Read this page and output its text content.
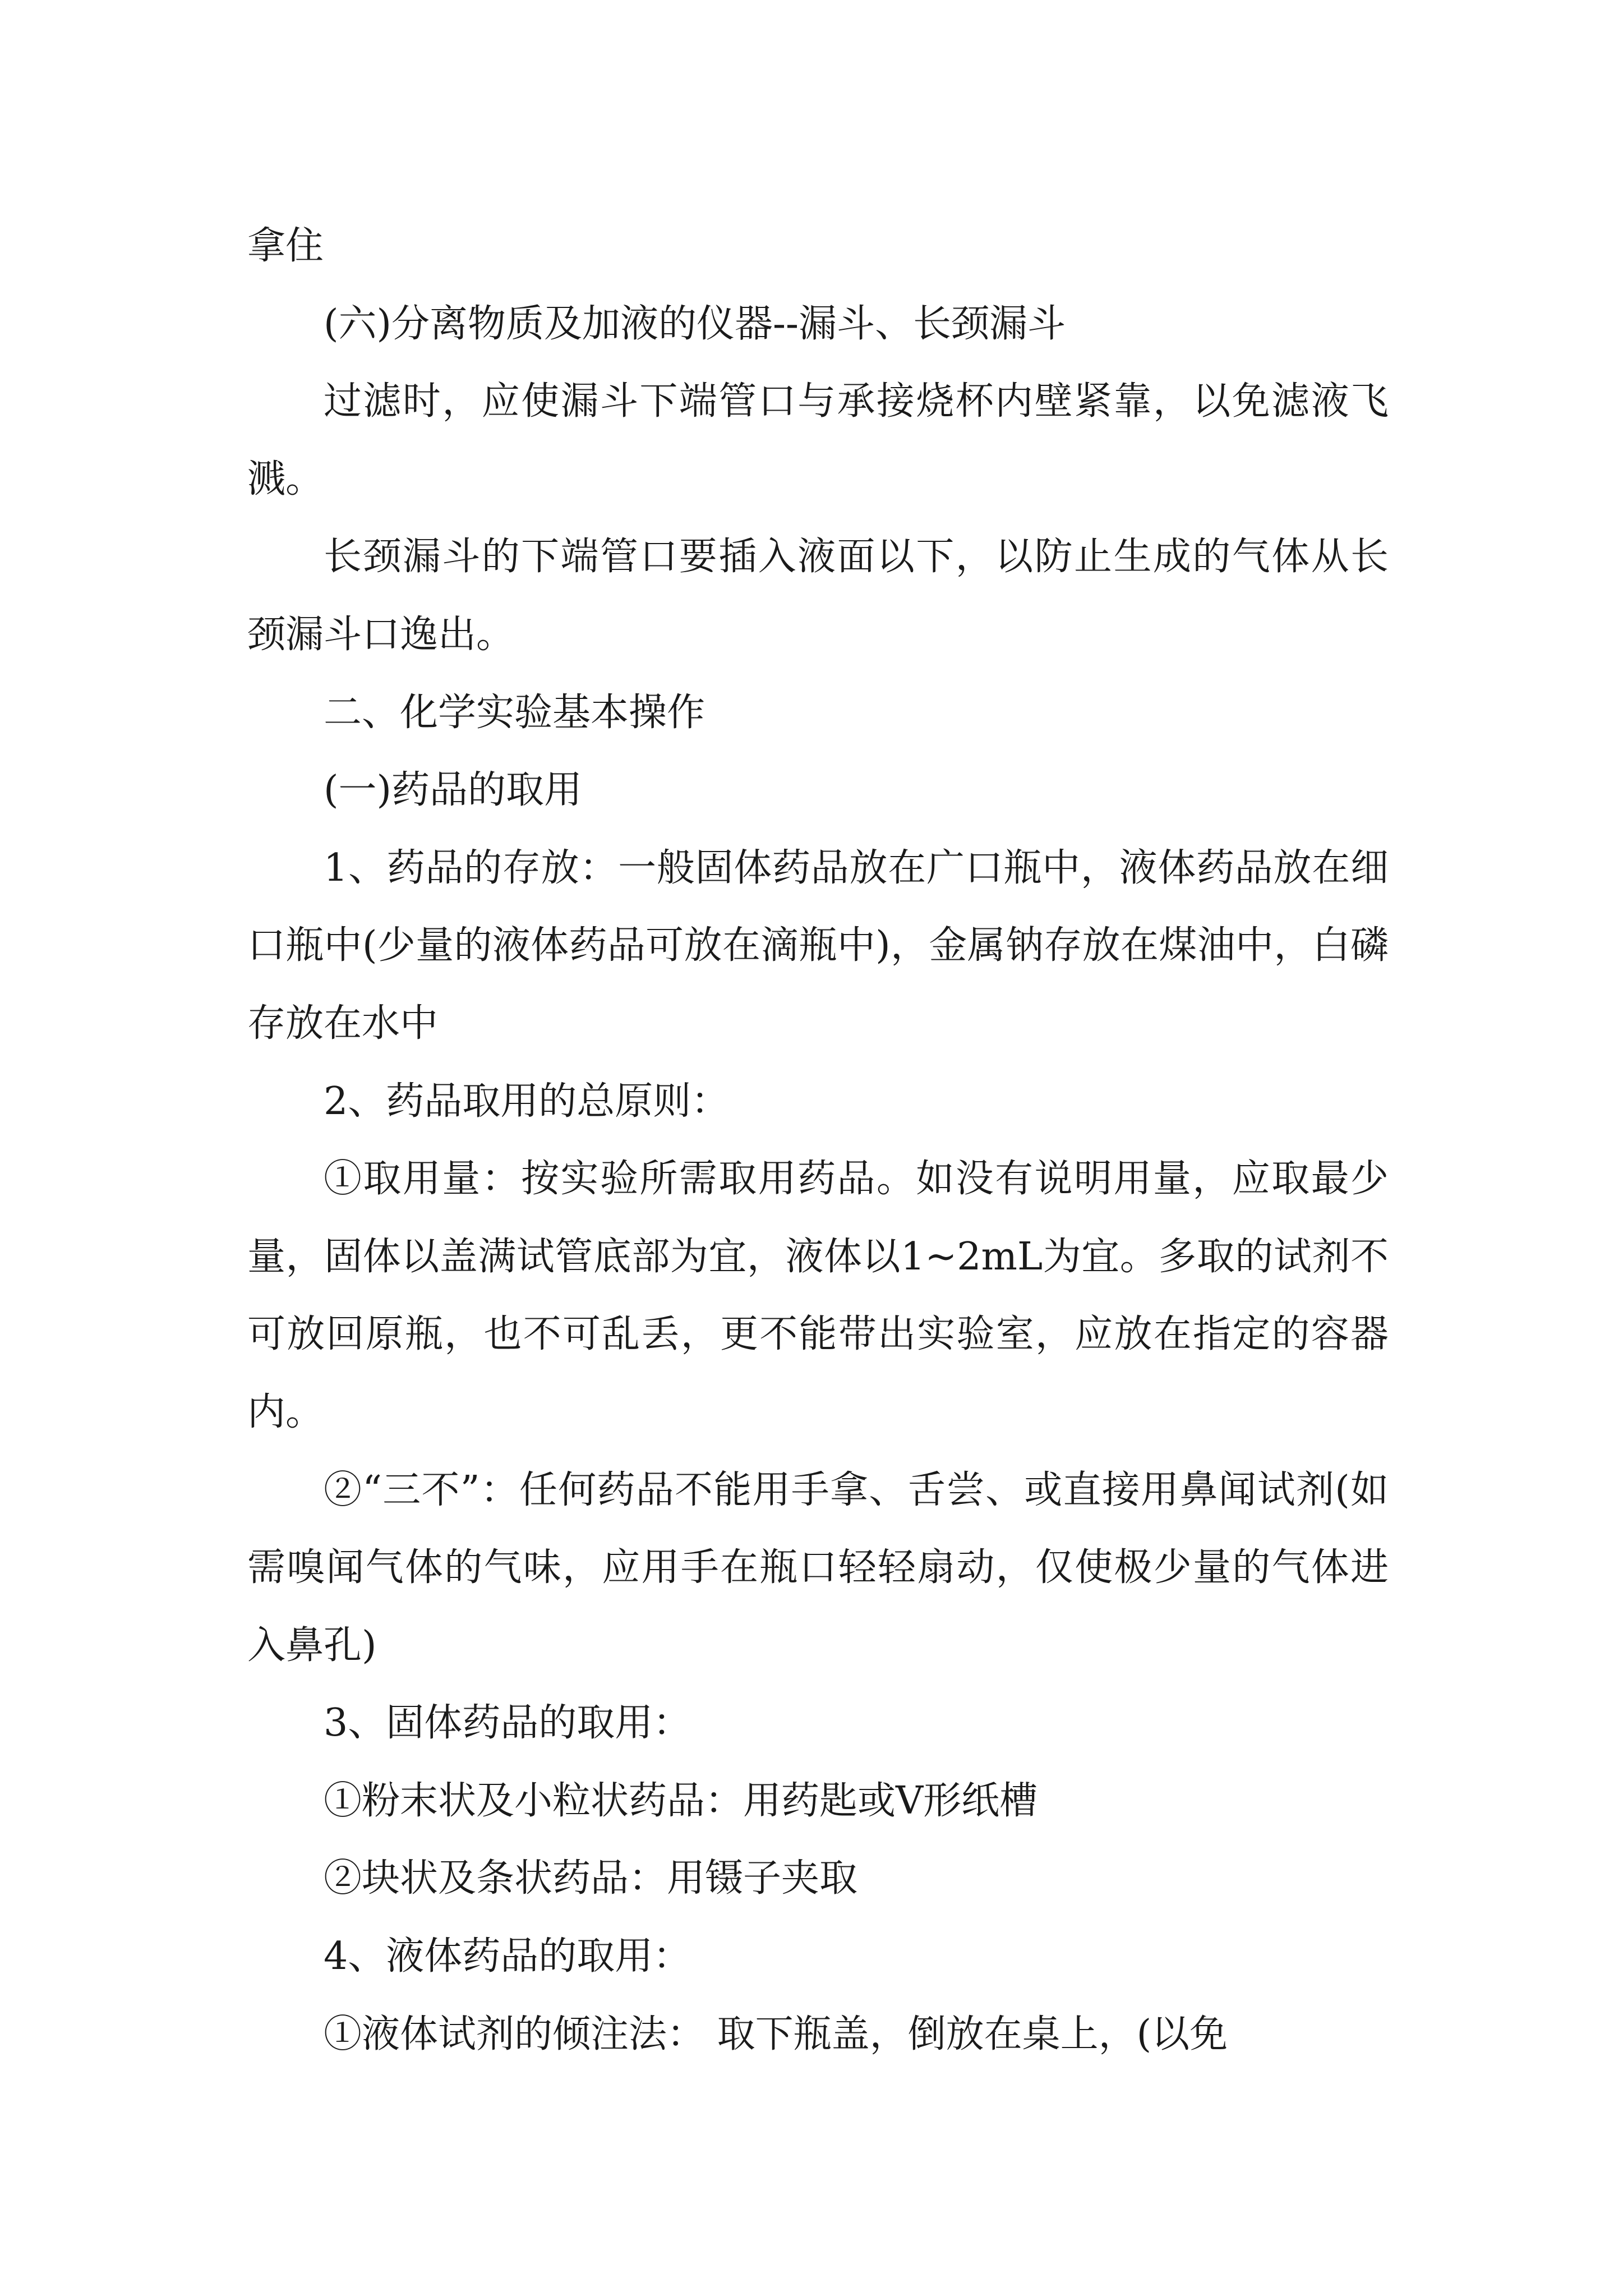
拿住

(六)分离物质及加液的仪器--漏斗、长颈漏斗

过滤时，应使漏斗下端管口与承接烧杯内壁紧靠，以免滤液飞溅。

长颈漏斗的下端管口要插入液面以下，以防止生成的气体从长颈漏斗口逸出。

二、化学实验基本操作

(一)药品的取用

1、药品的存放：一般固体药品放在广口瓶中，液体药品放在细口瓶中(少量的液体药品可放在滴瓶中)，金属钠存放在煤油中，白磷存放在水中

2、药品取用的总原则：

①取用量：按实验所需取用药品。如没有说明用量，应取最少量，固体以盖满试管底部为宜，液体以1~2mL为宜。多取的试剂不可放回原瓶，也不可乱丢，更不能带出实验室，应放在指定的容器内。

②“三不”：任何药品不能用手拿、舌尝、或直接用鼻闻试剂(如需嗅闻气体的气味，应用手在瓶口轻轻扇动，仅使极少量的气体进入鼻孔)

3、固体药品的取用：

①粉末状及小粒状药品：用药匙或V形纸槽

②块状及条状药品：用镊子夹取

4、液体药品的取用：

①液体试剂的倾注法： 取下瓶盖，倒放在桌上，(以免
